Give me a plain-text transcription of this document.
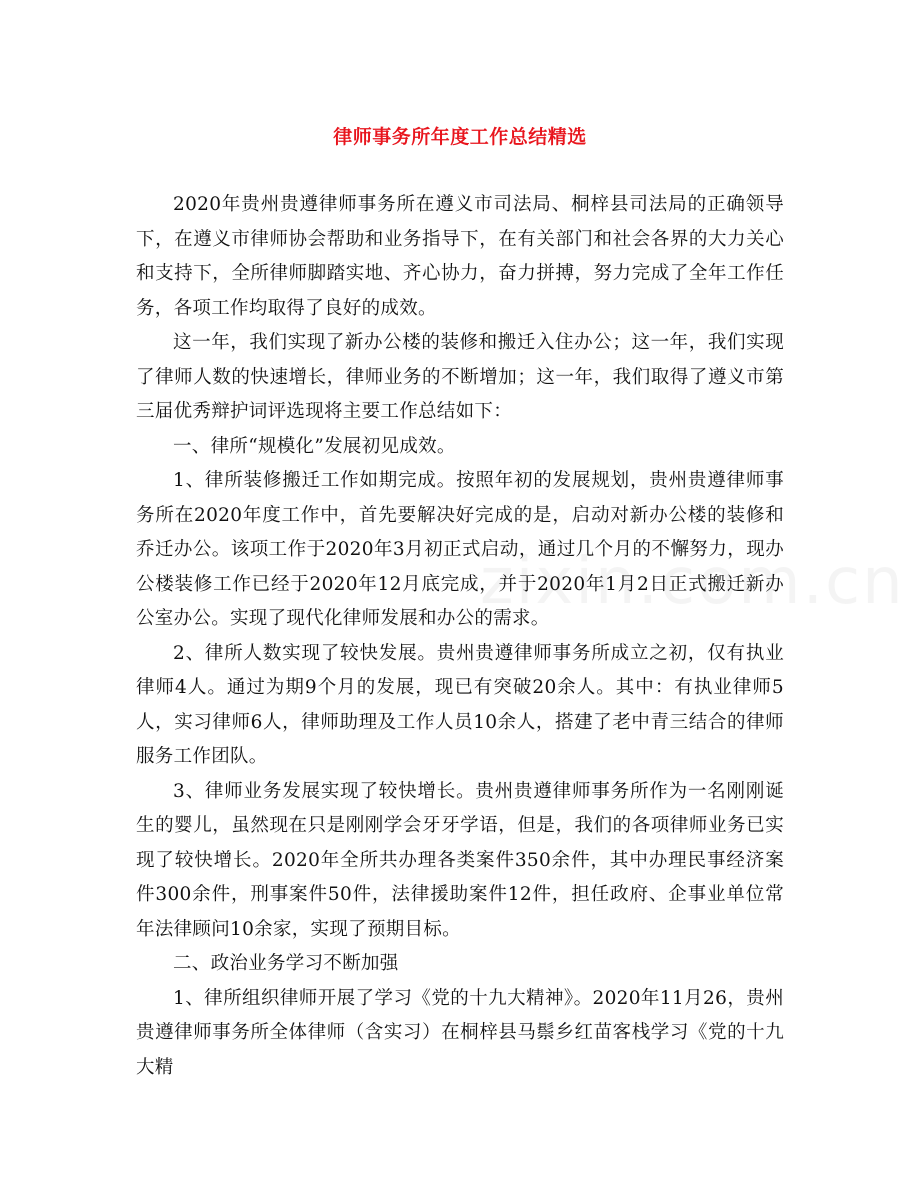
律师事务所年度工作总结精选

2020年贵州贵遵律师事务所在遵义市司法局、桐梓县司法局的正确领导下，在遵义市律师协会帮助和业务指导下，在有关部门和社会各界的大力关心和支持下，全所律师脚踏实地、齐心协力，奋力拼搏，努力完成了全年工作任务，各项工作均取得了良好的成效。

这一年，我们实现了新办公楼的装修和搬迁入住办公；这一年，我们实现了律师人数的快速增长，律师业务的不断增加；这一年，我们取得了遵义市第三届优秀辩护词评选现将主要工作总结如下：

一、律所“规模化”发展初见成效。

1、律所装修搬迁工作如期完成。按照年初的发展规划，贵州贵遵律师事务所在2020年度工作中，首先要解决好完成的是，启动对新办公楼的装修和乔迁办公。该项工作于2020年3月初正式启动，通过几个月的不懈努力，现办公楼装修工作已经于2020年12月底完成，并于2020年1月2日正式搬迁新办公室办公。实现了现代化律师发展和办公的需求。

2、律所人数实现了较快发展。贵州贵遵律师事务所成立之初，仅有执业律师4人。通过为期9个月的发展，现已有突破20余人。其中：有执业律师5人，实习律师6人，律师助理及工作人员10余人，搭建了老中青三结合的律师服务工作团队。

3、律师业务发展实现了较快增长。贵州贵遵律师事务所作为一名刚刚诞生的婴儿，虽然现在只是刚刚学会牙牙学语，但是，我们的各项律师业务已实现了较快增长。2020年全所共办理各类案件350余件，其中办理民事经济案件300余件，刑事案件50件，法律援助案件12件，担任政府、企事业单位常年法律顾问10余家，实现了预期目标。

二、政治业务学习不断加强

1、律所组织律师开展了学习《党的十九大精神》。2020年11月26，贵州贵遵律师事务所全体律师（含实习）在桐梓县马鬃乡红苗客栈学习《党的十九大精
